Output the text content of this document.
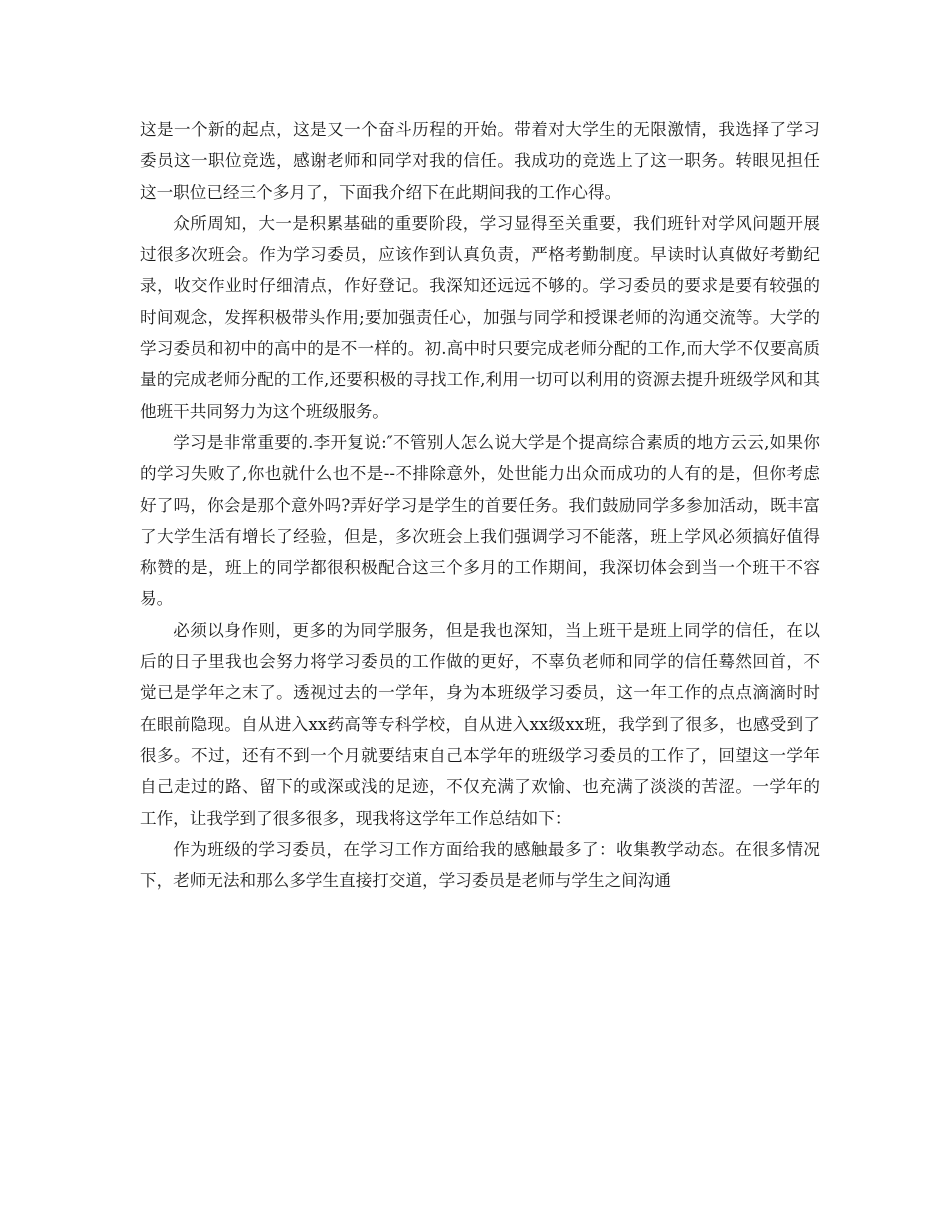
这是一个新的起点，这是又一个奋斗历程的开始。带着对大学生的无限激情，我选择了学习委员这一职位竞选，感谢老师和同学对我的信任。我成功的竞选上了这一职务。转眼见担任这一职位已经三个多月了，下面我介绍下在此期间我的工作心得。

众所周知，大一是积累基础的重要阶段，学习显得至关重要，我们班针对学风问题开展过很多次班会。作为学习委员，应该作到认真负责，严格考勤制度。早读时认真做好考勤纪录，收交作业时仔细清点，作好登记。我深知还远远不够的。学习委员的要求是要有较强的时间观念，发挥积极带头作用;要加强责任心，加强与同学和授课老师的沟通交流等。大学的学习委员和初中的高中的是不一样的。初.高中时只要完成老师分配的工作,而大学不仅要高质量的完成老师分配的工作,还要积极的寻找工作,利用一切可以利用的资源去提升班级学风和其他班干共同努力为这个班级服务。

学习是非常重要的.李开复说:″不管别人怎么说大学是个提高综合素质的地方云云,如果你的学习失败了,你也就什么也不是--不排除意外，处世能力出众而成功的人有的是，但你考虑好了吗，你会是那个意外吗?弄好学习是学生的首要任务。我们鼓励同学多参加活动，既丰富了大学生活有增长了经验，但是，多次班会上我们强调学习不能落，班上学风必须搞好值得称赞的是，班上的同学都很积极配合这三个多月的工作期间，我深切体会到当一个班干不容易。

必须以身作则，更多的为同学服务，但是我也深知，当上班干是班上同学的信任，在以后的日子里我也会努力将学习委员的工作做的更好，不辜负老师和同学的信任蓦然回首，不觉已是学年之末了。透视过去的一学年，身为本班级学习委员，这一年工作的点点滴滴时时在眼前隐现。自从进入xx药高等专科学校，自从进入xx级xx班，我学到了很多，也感受到了很多。不过，还有不到一个月就要结束自己本学年的班级学习委员的工作了，回望这一学年自己走过的路、留下的或深或浅的足迹，不仅充满了欢愉、也充满了淡淡的苦涩。一学年的工作，让我学到了很多很多，现我将这学年工作总结如下：

作为班级的学习委员，在学习工作方面给我的感触最多了：收集教学动态。在很多情况下，老师无法和那么多学生直接打交道，学习委员是老师与学生之间沟通
